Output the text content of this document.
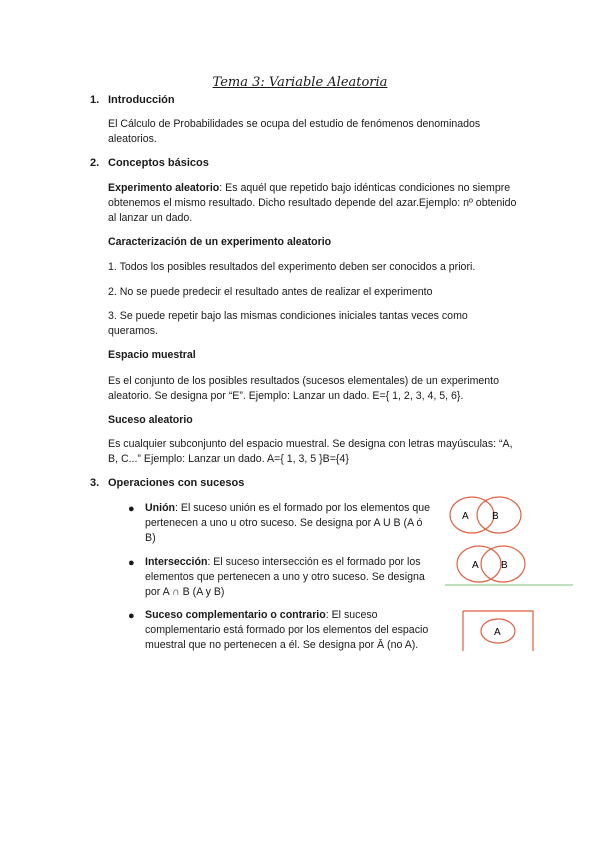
Tema 3: Variable Aleatoria
1. Introducción
El Cálculo de Probabilidades se ocupa del estudio de fenómenos denominados aleatorios.
2. Conceptos básicos
Experimento aleatorio: Es aquél que repetido bajo idénticas condiciones no siempre obtenemos el mismo resultado. Dicho resultado depende del azar.Ejemplo: nº obtenido al lanzar un dado.
Caracterización de un experimento aleatorio
1. Todos los posibles resultados del experimento deben ser conocidos a priori.
2. No se puede predecir el resultado antes de realizar el experimento
3. Se puede repetir bajo las mismas condiciones iniciales tantas veces como queramos.
Espacio muestral
Es el conjunto de los posibles resultados (sucesos elementales) de un experimento aleatorio. Se designa por “E”. Ejemplo: Lanzar un dado. E={ 1, 2, 3, 4, 5, 6}.
Suceso aleatorio
Es cualquier subconjunto del espacio muestral. Se designa con letras mayúsculas: “A, B, C...” Ejemplo: Lanzar un dado. A={ 1, 3, 5 }B={4}
3. Operaciones con sucesos
● Unión: El suceso unión es el formado por los elementos que pertenecen a uno u otro suceso. Se designa por A U B (A ó B)
● Intersección: El suceso intersección es el formado por los elementos que pertenecen a uno y otro suceso. Se designa por A ∩ B (A y B)
● Suceso complementario o contrario: El suceso complementario está formado por los elementos del espacio muestral que no pertenecen a él. Se designa por Ā (no A).
A B
A B
A
